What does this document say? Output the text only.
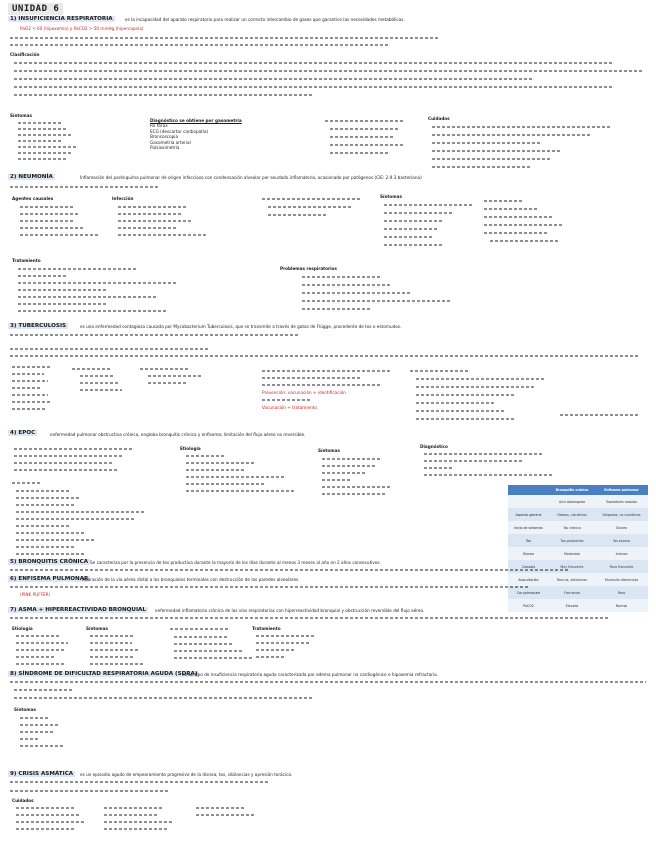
UNIDAD 6
1) INSUFICIENCIA RESPIRATORIA	es la incapacidad del aparato respiratorio para realizar un correcto intercambio de gases que garantice las necesidades metabólicas.
PaO2 < 60 (hipoxemia) y PaCO2 > 50 mmHg (hipercapnia)
Clasificación
Síntomas
Diagnóstico se obtiene por gasometría
Rx tórax
ECG (descartar cardiopatía)
Broncoscopia
Gasometría arterial
Pulsioximetría
Cuidados
2) NEUMONÍA	Inflamación del parénquima pulmonar de origen infeccioso con condensación alveolar por exudado inflamatorio, ocasionado por patógenos (CIE: 2.9.3 bacteriana)
Agentes causales	Infección	Síntomas
Tratamiento
Problemas respiratorios
3) TUBERCULOSIS	es una enfermedad contagiosa causada por Mycobacterium Tuberculosis, que se transmite a través de gotas de Flügge, procedente de tos o estornudos.
Prevención: vacunación + identificación
Vacunación + tratamiento
4) EPOC	enfermedad pulmonar obstructiva crónica, engloba bronquitis crónica y enfisema; limitación del flujo aéreo no reversible.
Etiología	Síntomas
Diagnóstico
	Bronquitis crónica	Enfisema pulmonar
	Azul abotargado	Sopladores rosados
Aspecto general	Obesos, cianóticos	Delgados, no cianóticos
Inicio de síntomas	Tos crónica	Disnea
Tos	Tos productiva	Tos escasa
Disnea	Moderada	Intensa
Cianosis	Muy frecuente	Poco frecuente
Auscultación	Roncus, sibilancias	Murmullo disminuido
Cor pulmonale	Frecuente	Raro
PaCO2	Elevada	Normal
5) BRONQUITIS CRÓNICA Se caracteriza por la presencia de tos productiva durante la mayoría de los días durante al menos 3 meses al año en 2 años consecutivos.
6) ENFISEMA PULMONAR
Alteración de la vía aérea distal a los bronquiolos terminales con destrucción de las paredes alveolares.
(PINK PUFFER)
7) ASMA + HIPERREACTIVIDAD BRONQUIAL	enfermedad inflamatoria crónica de las vías respiratorias con hiperreactividad bronquial y obstrucción reversible del flujo aéreo.
Etiología	Síntomas	Tratamiento
8) SÍNDROME DE DIFICULTAD RESPIRATORIA AGUDA (SDRA)
es un tipo de insuficiencia respiratoria aguda caracterizada por edema pulmonar no cardiogénico e hipoxemia refractaria.
Síntomas
9) CRISIS ASMÁTICA	es un episodio agudo de empeoramiento progresivo de la disnea, tos, sibilancias y opresión torácica.
Cuidados
